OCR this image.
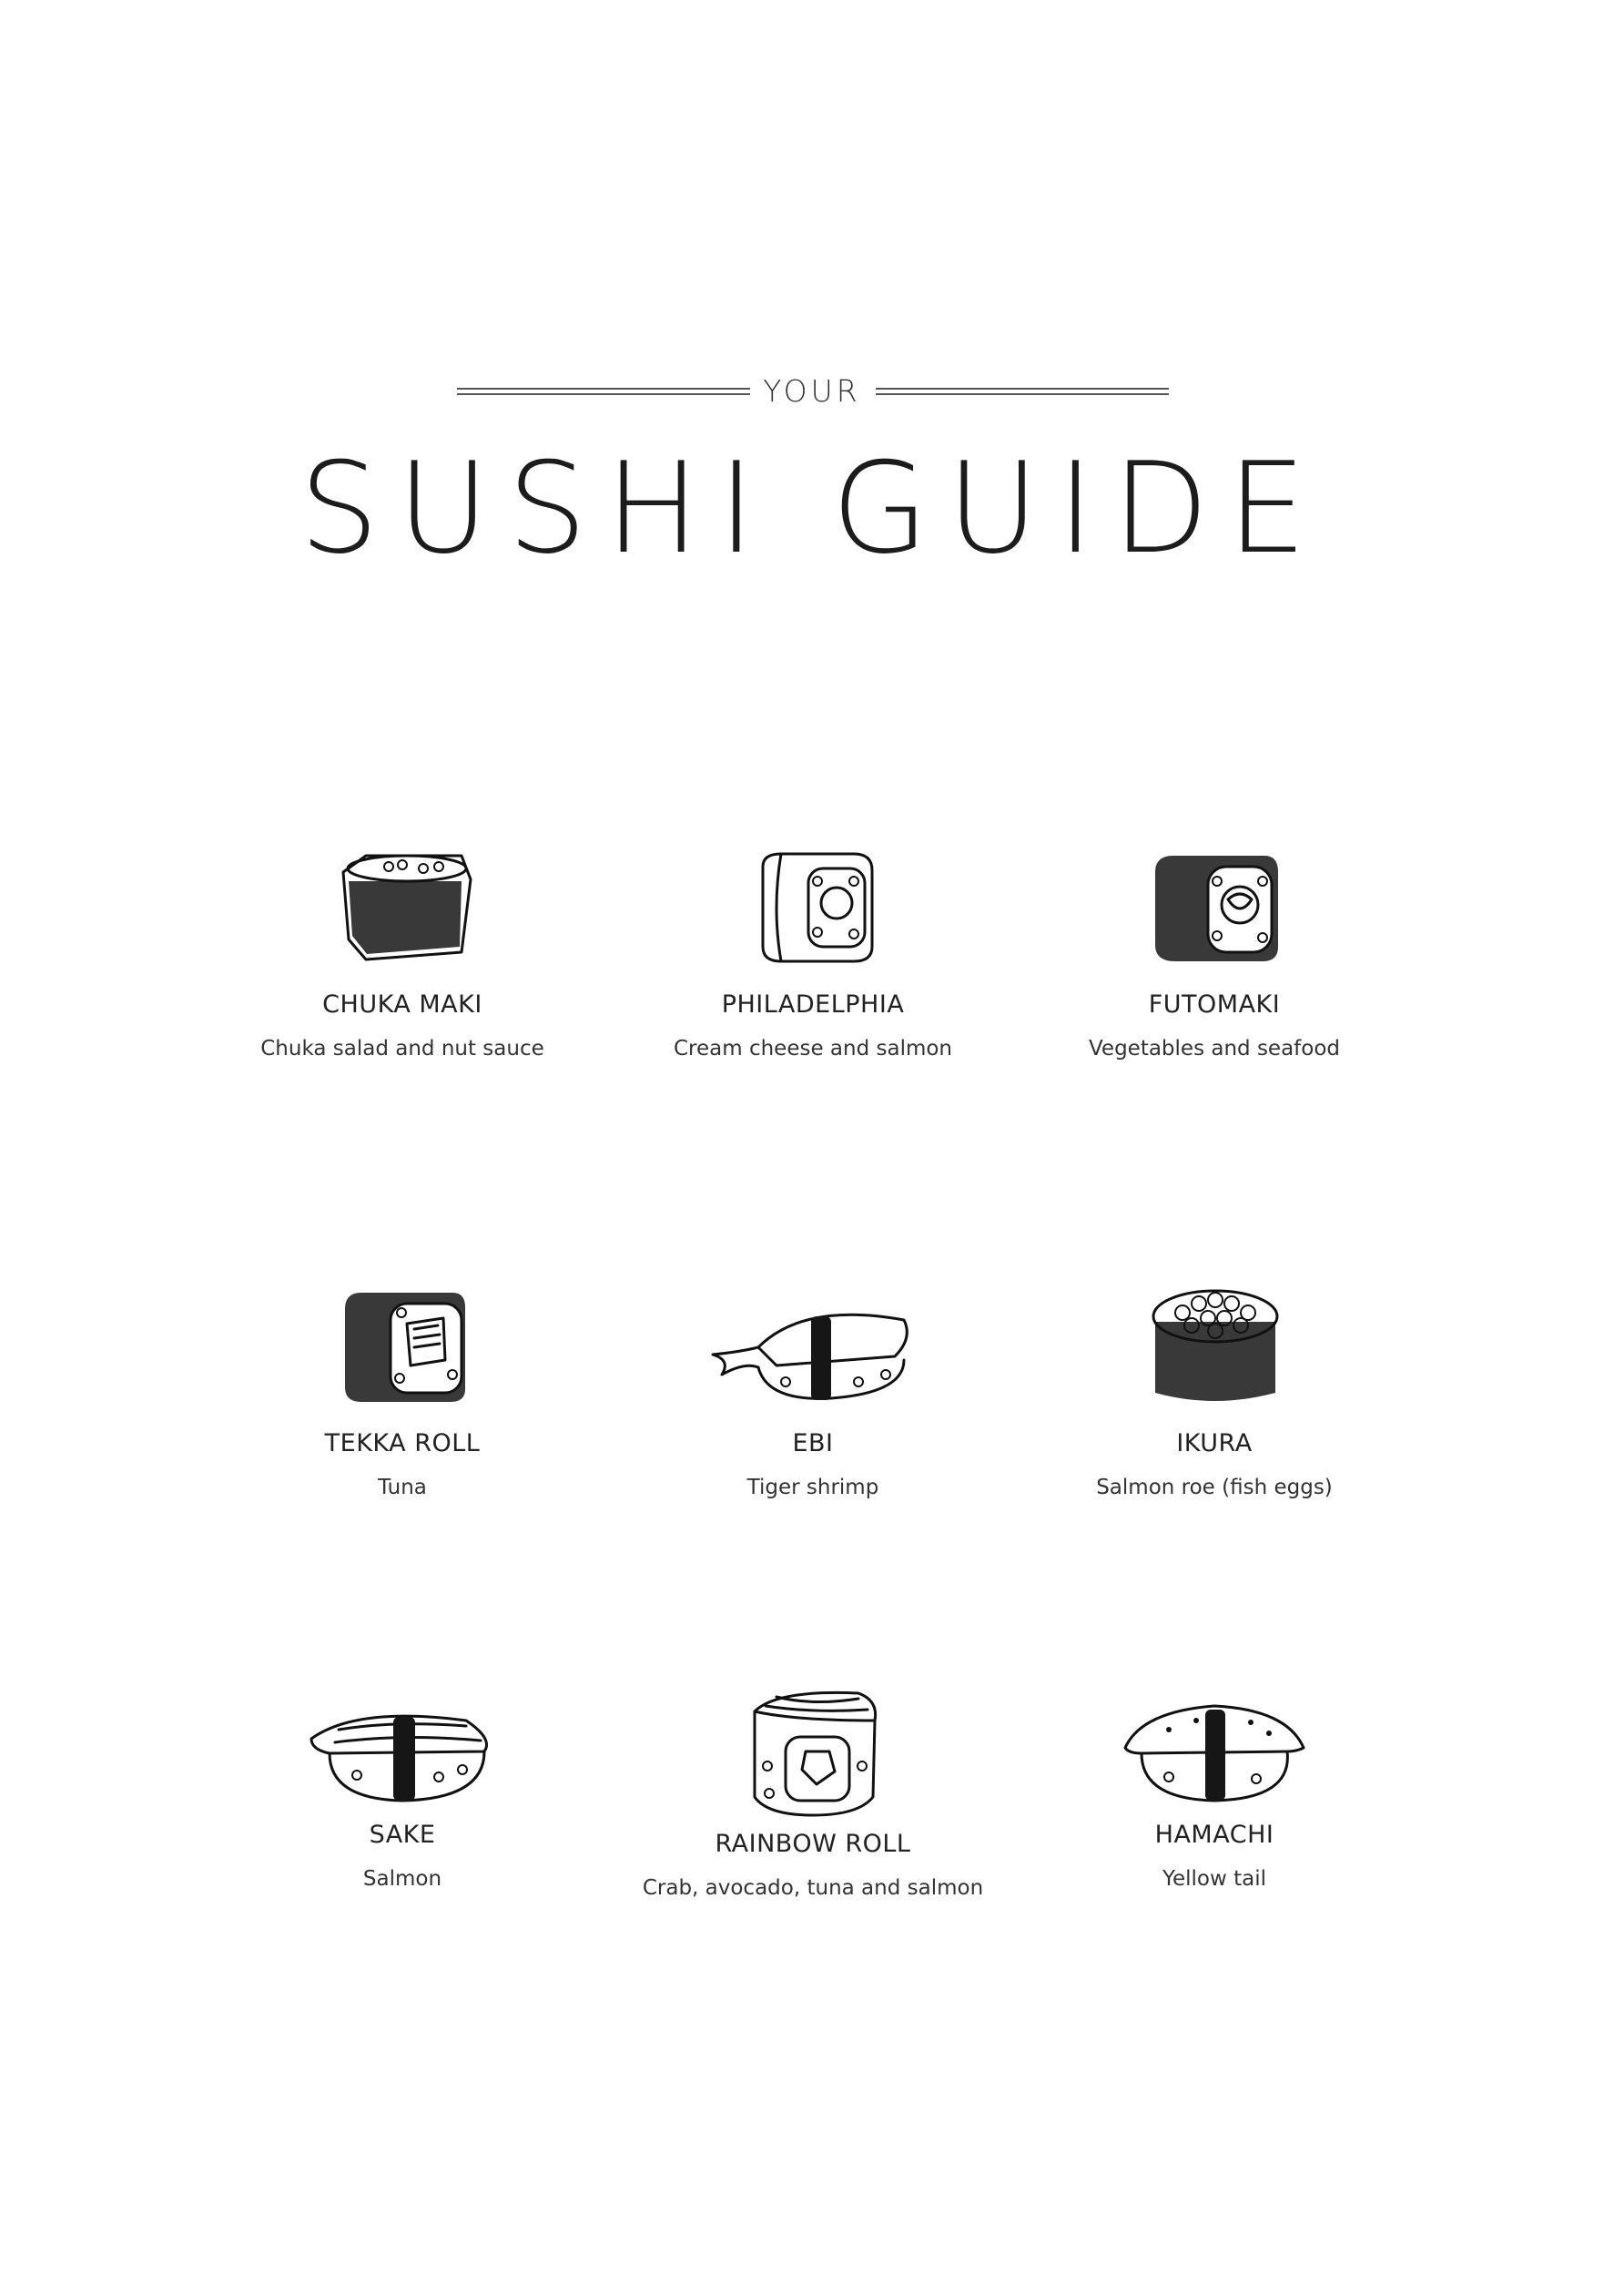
YOUR
SUSHI GUIDE
CHUKA MAKI
Chuka salad and nut sauce
PHILADELPHIA
Cream cheese and salmon
FUTOMAKI
Vegetables and seafood
TEKKA ROLL
Tuna
EBI
Tiger shrimp
IKURA
Salmon roe (fish eggs)
SAKE
Salmon
RAINBOW ROLL
Crab, avocado, tuna and salmon
HAMACHI
Yellow tail
